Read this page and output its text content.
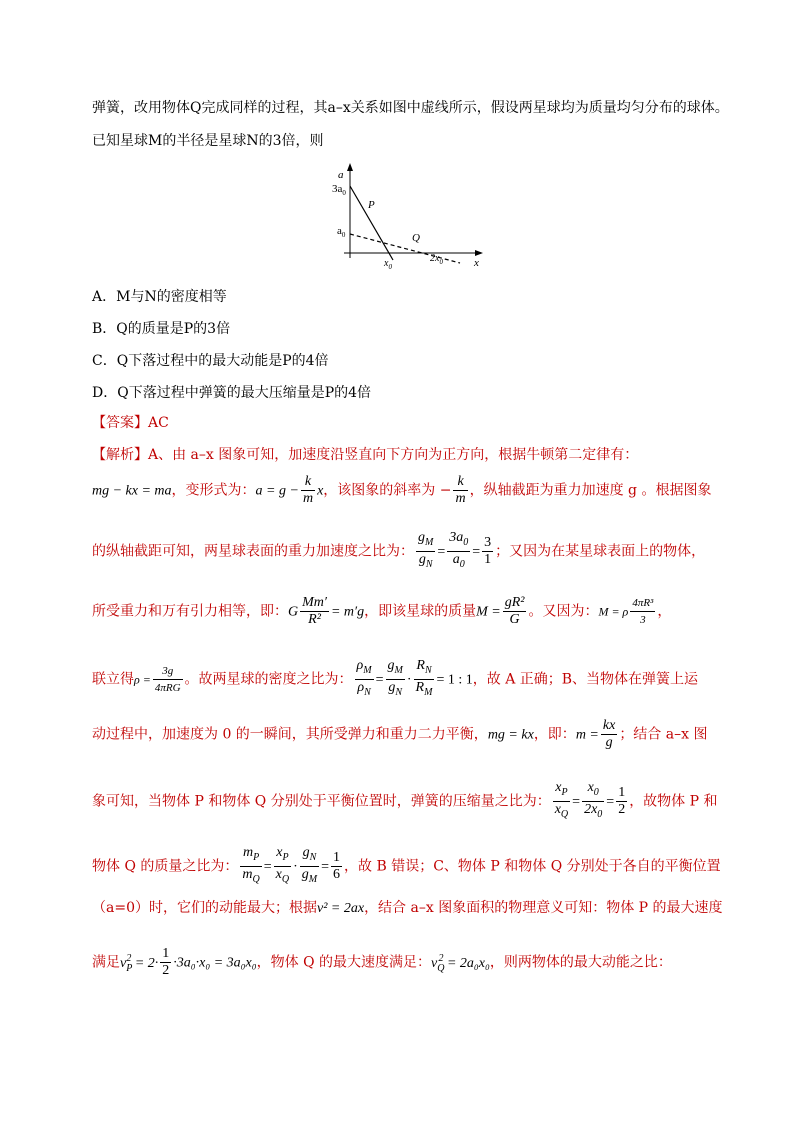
弹簧，改用物体Q完成同样的过程，其a–x关系如图中虚线所示，假设两星球均为质量均匀分布的球体。
已知星球M的半径是星球N的3倍，则
a
$3a_0$
$a_0$
P
Q
$x_0$
$2x_0$	x
A．M与N的密度相等
B．Q的质量是P的3倍
C．Q下落过程中的最大动能是P的4倍
D．Q下落过程中弹簧的最大压缩量是P的4倍
【答案】AC
【解析】A、由 a–x 图象可知，加速度沿竖直向下方向为正方向，根据牛顿第二定律有：
mg − kx = ma，变形式为：$a = g - \frac{k}{m}$ x，该图象的斜率为 − $\frac{k}{m}$ ，纵轴截距为重力加速度 g 。根据图象
的纵轴截距可知，两星球表面的重力加速度之比为： $\frac{g_M}{g_N} = \frac{3a_0}{a_0} = \frac{3}{1}$ ；又因为在某星球表面上的物体，
所受重力和万有引力相等，即：G $\frac{Mm'}{\text{R²}} = m'g$，即该星球的质量$M = \frac{\text{gR²}}{G}$ 。又因为：M = ρ $\frac{\text{4πR³}}{3}$ ，
联立得$\rho = \frac{3g}{\text{4πRG}}$ 。故两星球的密度之比为： $\frac{\rho_M}{\rho_N} = \frac{g_M}{g_N} \cdot \frac{R_N}{R_M} = 1$ : 1，故 A 正确；B、当物体在弹簧上运
动过程中，加速度为 0 的一瞬间，其所受弹力和重力二力平衡，mg = kx，即：$m = \frac{kx}{g}$ ；结合 a–x 图
象可知，当物体 P 和物体 Q 分别处于平衡位置时，弹簧的压缩量之比为： $\frac{x_P}{x_Q} = \frac{x_0}{2x_0} = \frac{1}{2}$ ，故物体 P 和
物体 Q 的质量之比为： $\frac{m_P}{m_Q} = \frac{x_P}{x_Q} \cdot \frac{g_N}{g_M} = \frac{1}{6}$ ，故 B 错误；C、物体 P 和物体 Q 分别处于各自的平衡位置
（a=0）时，它们的动能最大；根据v² = 2ax，结合 a–x 图象面积的物理意义可知：物体 P 的最大速度
满足$v_P^2 = 2\cdot \frac{1}{2} \cdot 3a_0\cdot x_0 = 3a_0x_0$，物体 Q 的最大速度满足：$v_Q^2 = 2a_0x_0$，则两物体的最大动能之比：
